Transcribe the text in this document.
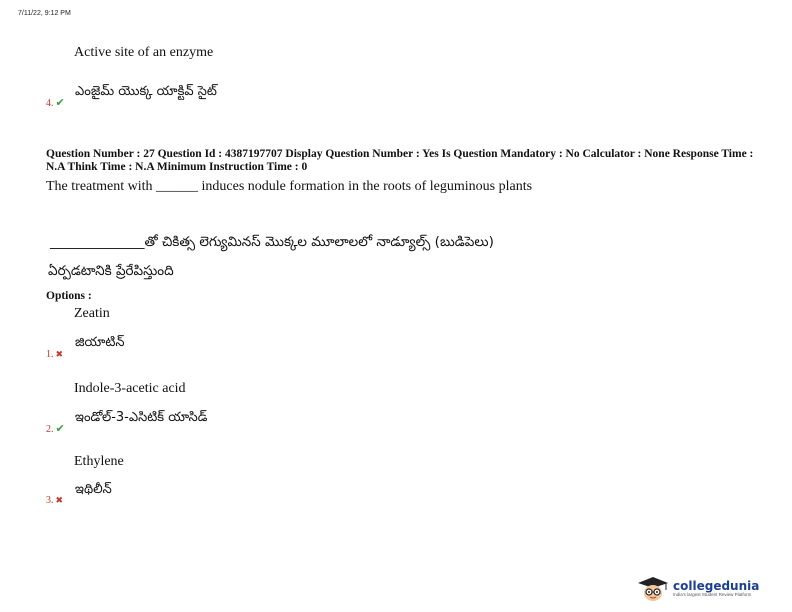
7/11/22, 9:12 PM
Active site of an enzyme
4. ✔
ఎంజైమ్ యొక్క యాక్టివ్ సైట్
Question Number : 27 Question Id : 4387197707 Display Question Number : Yes Is Question Mandatory : No Calculator : None Response Time : N.A Think Time : N.A Minimum Instruction Time : 0
The treatment with ______ induces nodule formation in the roots of leguminous plants
______________తో చికిత్స లెగ్యుమినస్ మొక్కల మూలాలలో నాడ్యూల్స్ (బుడిపెలు)
ఏర్పడటానికి ప్రేరేపిస్తుంది
Options :
Zeatin
జియాటిన్
1. ✖
Indole-3-acetic acid
ఇండోల్-3-ఎసిటిక్ యాసిడ్
2. ✔
Ethylene
ఇథిలీన్
3. ✖
collegedunia
India's largest Student Review Platform
